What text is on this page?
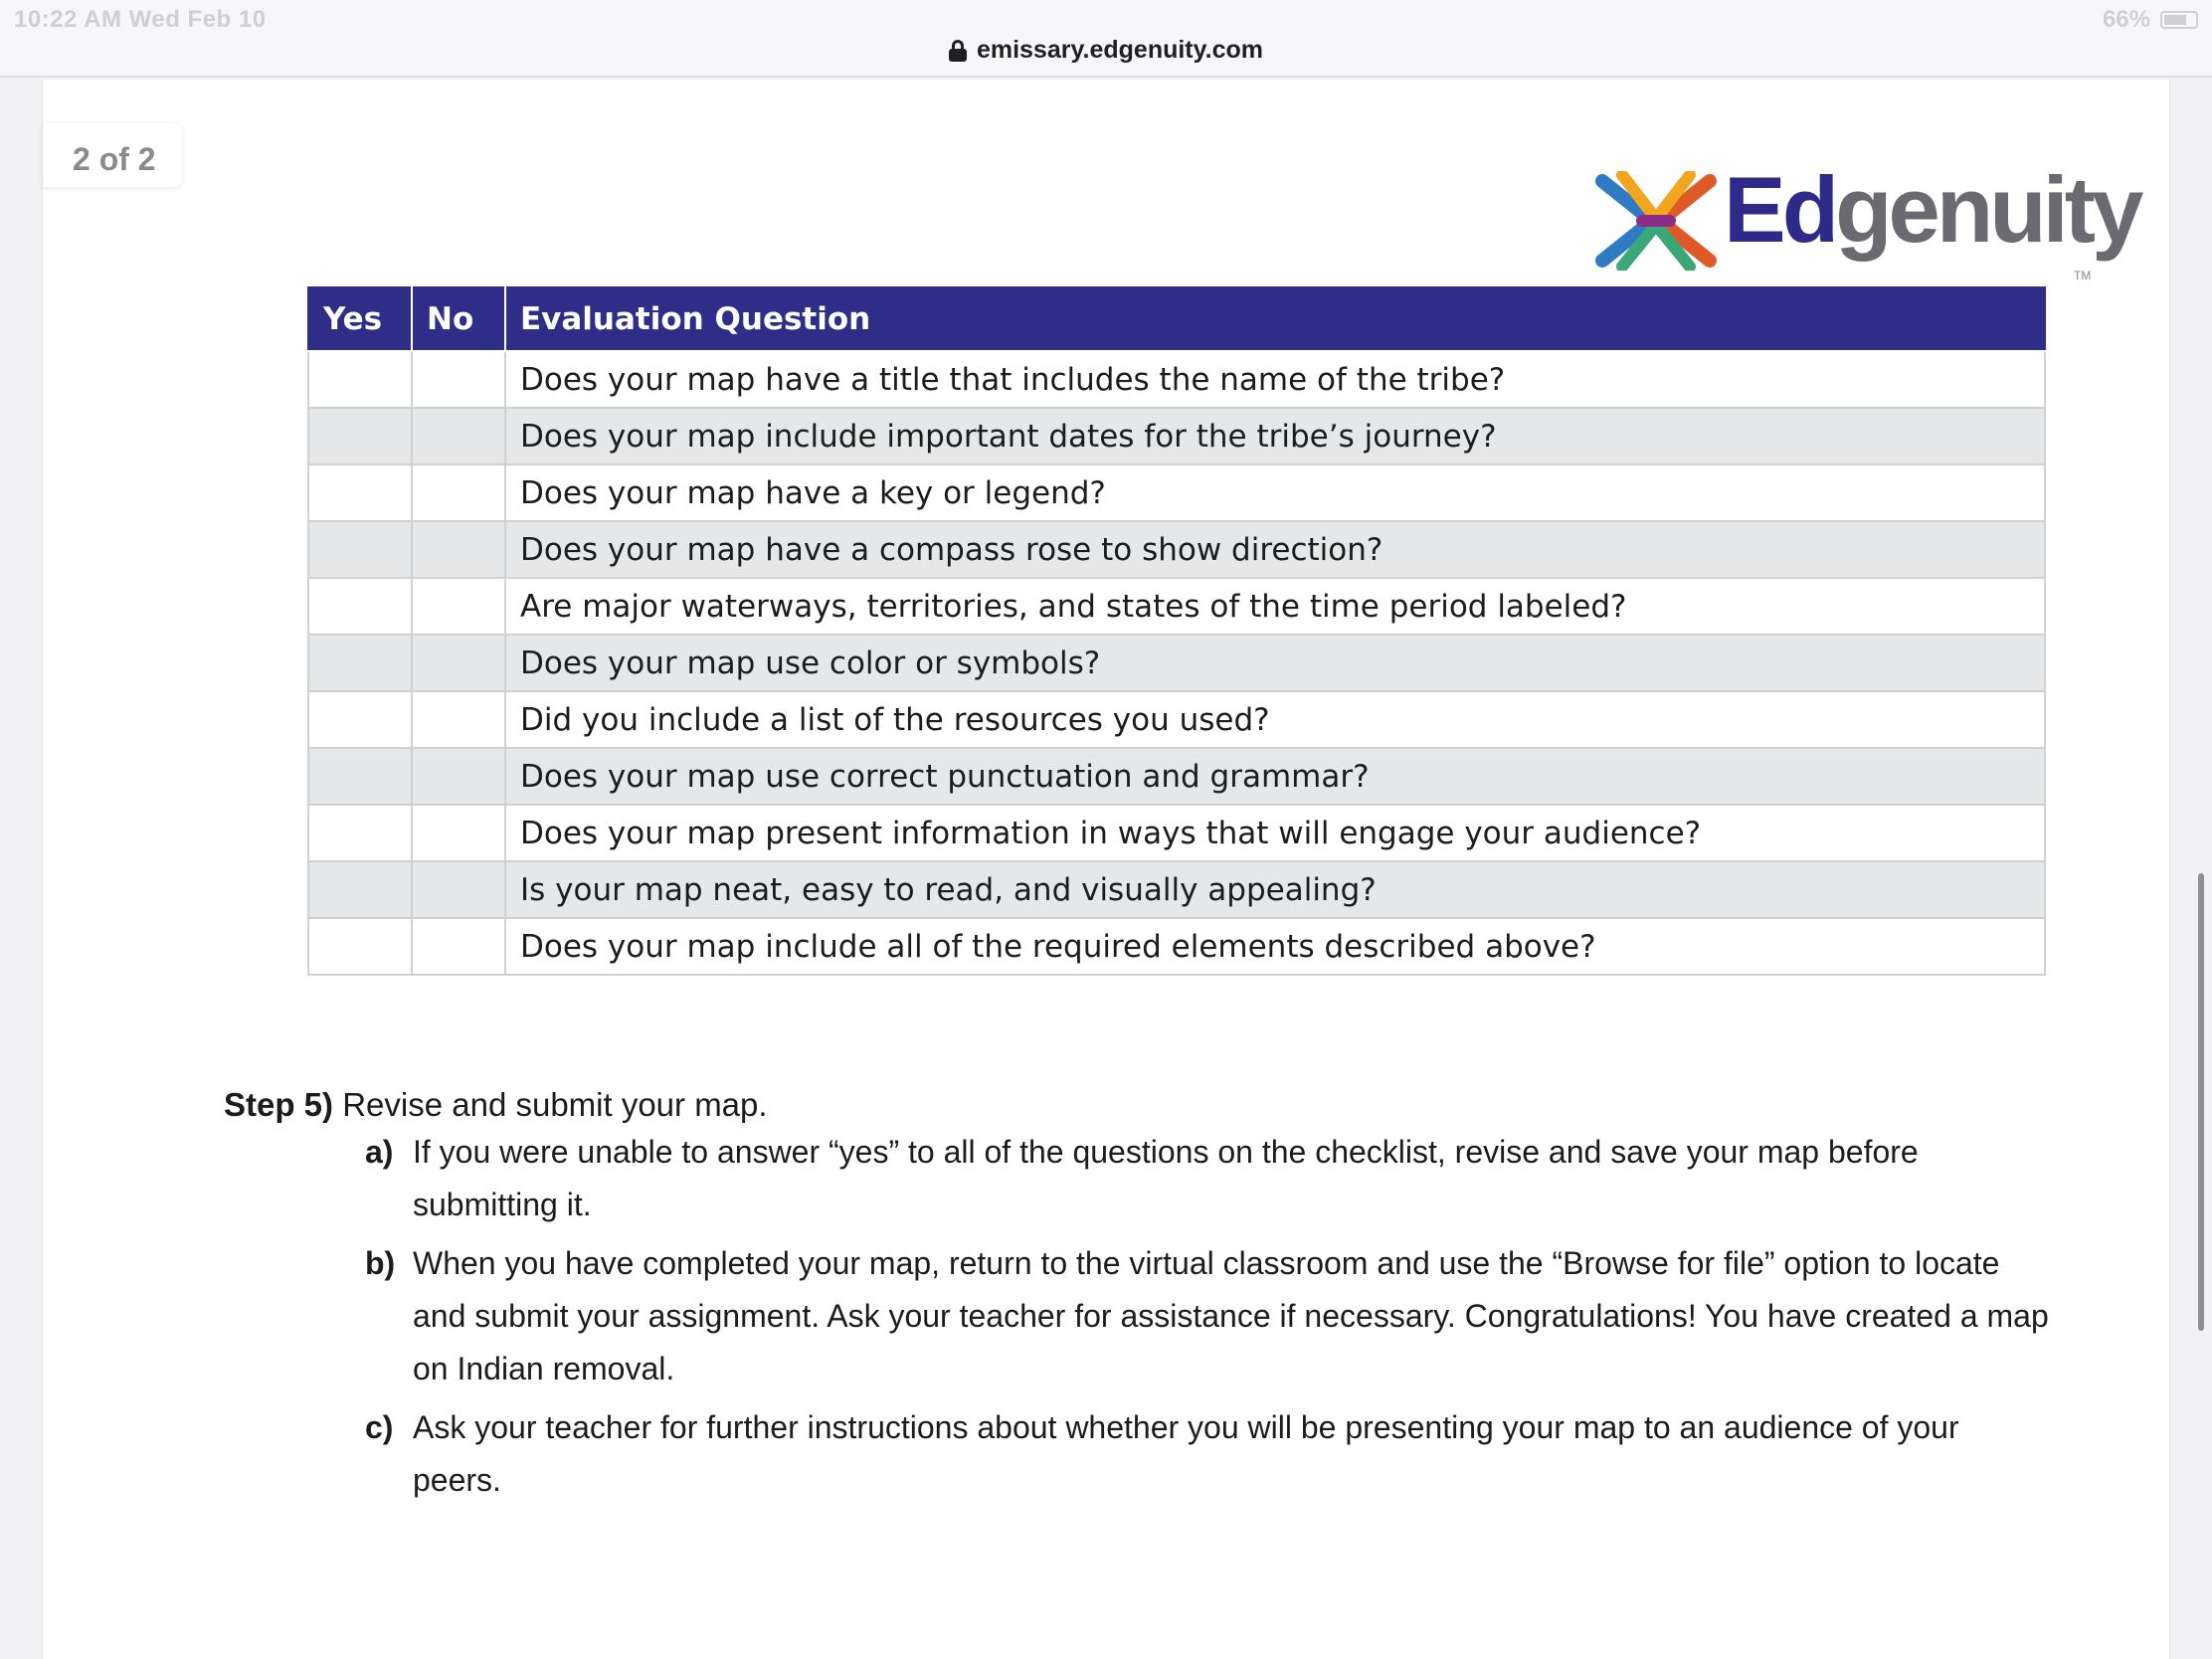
10:22 AM Wed Feb 10	66%
emissary.edgenuity.com
2 of 2	Edgenuity
TM
Yes	No	Evaluation Question
		Does your map have a title that includes the name of the tribe?
		Does your map include important dates for the tribe’s journey?
		Does your map have a key or legend?
		Does your map have a compass rose to show direction?
		Are major waterways, territories, and states of the time period labeled?
		Does your map use color or symbols?
		Did you include a list of the resources you used?
		Does your map use correct punctuation and grammar?
		Does your map present information in ways that will engage your audience?
		Is your map neat, easy to read, and visually appealing?
		Does your map include all of the required elements described above?
Step 5) Revise and submit your map.
a) If you were unable to answer “yes” to all of the questions on the checklist, revise and save your map before submitting it.
b) When you have completed your map, return to the virtual classroom and use the “Browse for file” option to locate and submit your assignment. Ask your teacher for assistance if necessary. Congratulations! You have created a map on Indian removal.
c) Ask your teacher for further instructions about whether you will be presenting your map to an audience of your peers.
